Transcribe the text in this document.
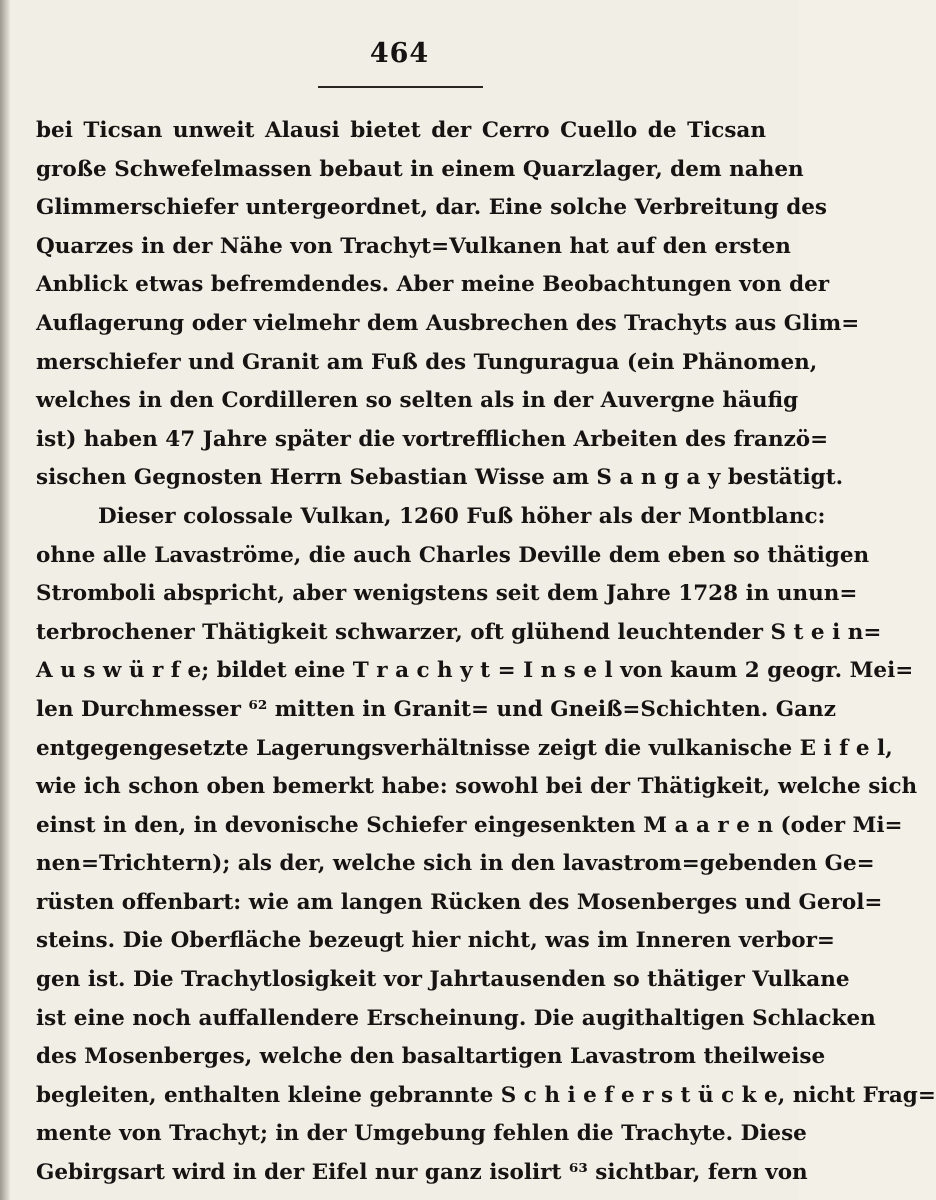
464
bei Ticsan unweit Alausi bietet der Cerro Cuello de Ticsan
große Schwefelmassen bebaut in einem Quarzlager, dem nahen
Glimmerschiefer untergeordnet, dar. Eine solche Verbreitung des
Quarzes in der Nähe von Trachyt=Vulkanen hat auf den ersten
Anblick etwas befremdendes. Aber meine Beobachtungen von der
Auflagerung oder vielmehr dem Ausbrechen des Trachyts aus Glim=
merschiefer und Granit am Fuß des Tunguragua (ein Phänomen,
welches in den Cordilleren so selten als in der Auvergne häufig
ist) haben 47 Jahre später die vortrefflichen Arbeiten des franzö=
sischen Gegnosten Herrn Sebastian Wisse am S a n g a y bestätigt.
Dieser colossale Vulkan, 1260 Fuß höher als der Montblanc:
ohne alle Lavaströme, die auch Charles Deville dem eben so thätigen
Stromboli abspricht, aber wenigstens seit dem Jahre 1728 in unun=
terbrochener Thätigkeit schwarzer, oft glühend leuchtender S t e i n=
A u s w ü r f e; bildet eine T r a c h y t = I n s e l von kaum 2 geogr. Mei=
len Durchmesser ⁶² mitten in Granit= und Gneiß=Schichten. Ganz
entgegengesetzte Lagerungsverhältnisse zeigt die vulkanische E i f e l,
wie ich schon oben bemerkt habe: sowohl bei der Thätigkeit, welche sich
einst in den, in devonische Schiefer eingesenkten M a a r e n (oder Mi=
nen=Trichtern); als der, welche sich in den lavastrom=gebenden Ge=
rüsten offenbart: wie am langen Rücken des Mosenberges und Gerol=
steins. Die Oberfläche bezeugt hier nicht, was im Inneren verbor=
gen ist. Die Trachytlosigkeit vor Jahrtausenden so thätiger Vulkane
ist eine noch auffallendere Erscheinung. Die augithaltigen Schlacken
des Mosenberges, welche den basaltartigen Lavastrom theilweise
begleiten, enthalten kleine gebrannte S c h i e f e r s t ü c k e, nicht Frag=
mente von Trachyt; in der Umgebung fehlen die Trachyte. Diese
Gebirgsart wird in der Eifel nur ganz isolirt ⁶³ sichtbar, fern von
